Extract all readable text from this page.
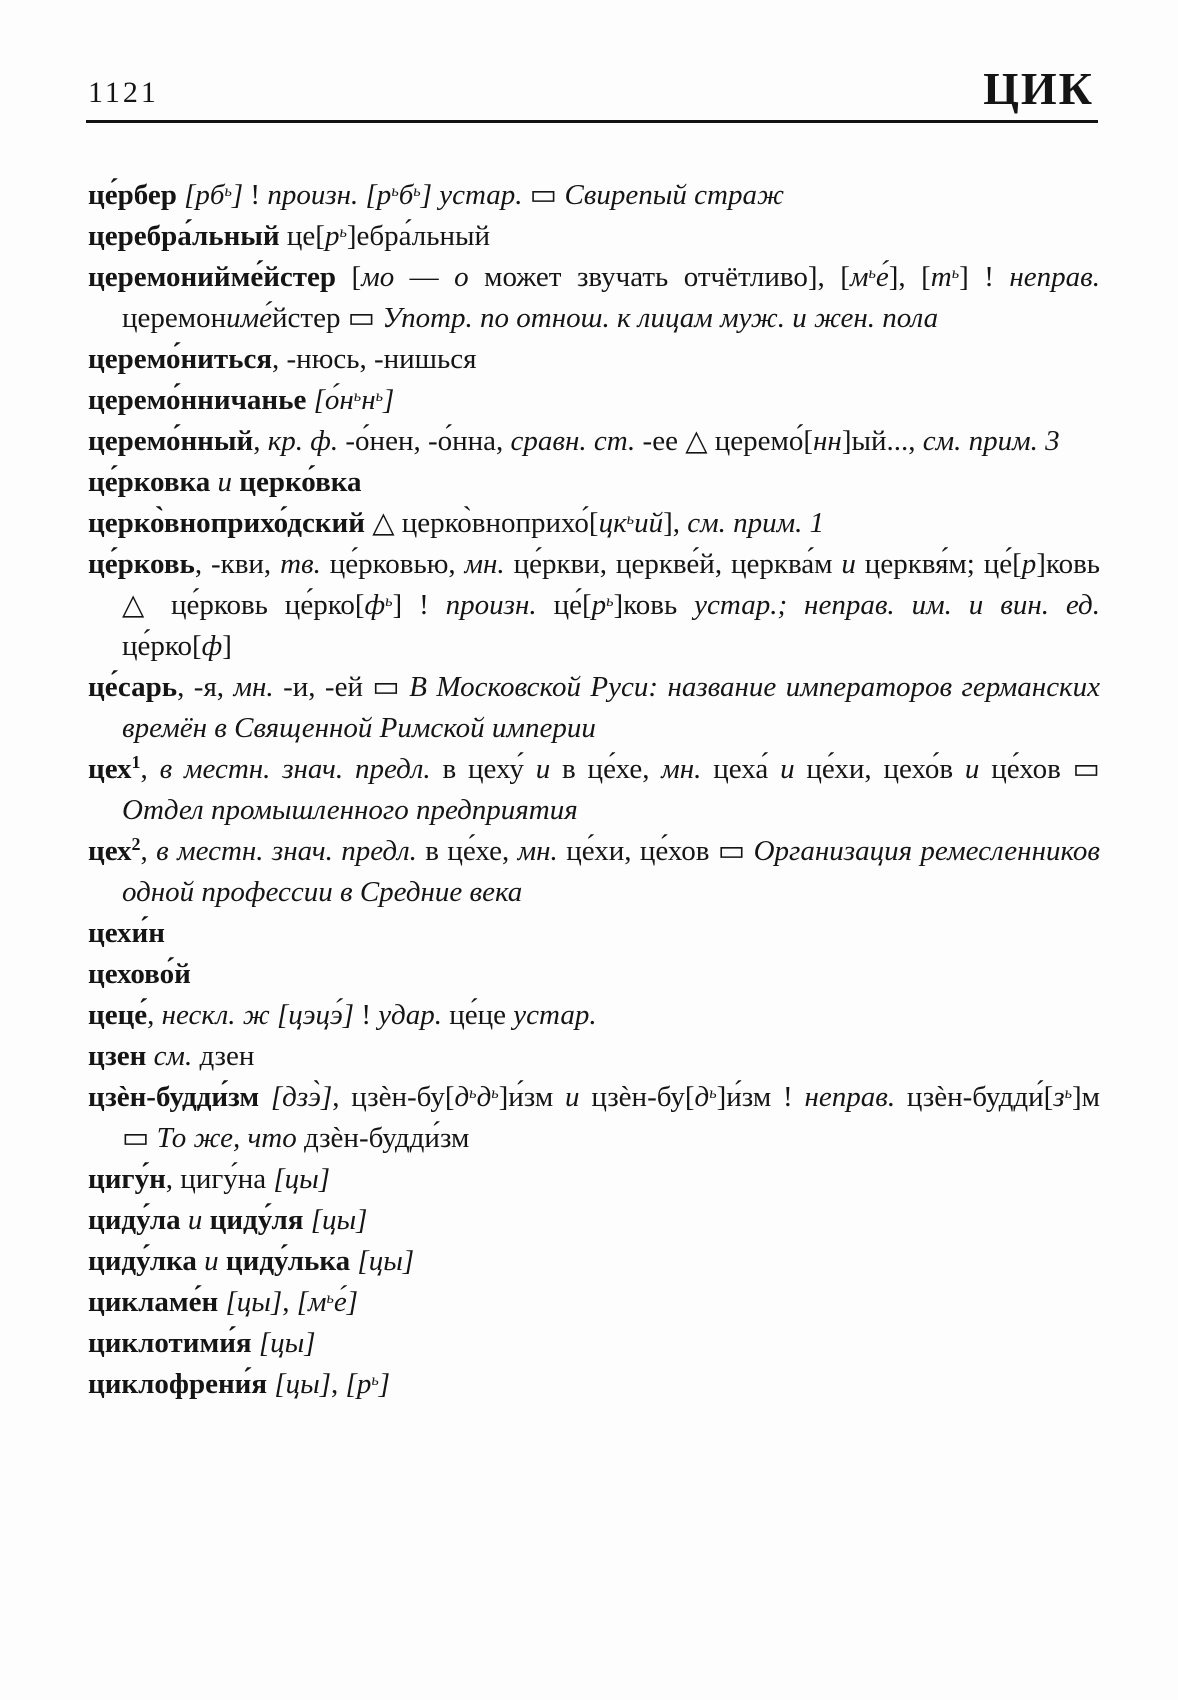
1121	ЦИК

це́рбер $[рб^ь]$ ! произн. $[р^ьб^ь]$ устар. ▭ Свирепый страж

церебра́льный $це[р^ь]ебра́льный$

церемонийме́йстер [мо — о может звучать отчётливо], $[м^ье́]$, $[т^ь]$ ! неправ. церемониме́йстер ▭ Употр. по отнош. к лицам муж. и жен. пола

церемо́ниться, -нюсь, -нишься

церемо́нничанье $[о́н^ьн^ь]$

церемо́нный, кр. ф. -о́нен, -о́нна, сравн. ст. -ее △ церемо́[нн]ый..., см. прим. 3

це́рковка и церко́вка

церко̀вноприхо́дский △ $церко̀вноприхо́[цк^ьий]$, см. прим. 1

це́рковь, -кви, тв. це́рковью, мн. це́ркви, церкве́й, церква́м и церквя́м; це́[р]ковь △ це́рковь $це́рко[ф^ь]$ ! произн. $це́[р^ь]ковь$ устар.; неправ. им. и вин. ед. це́рко[ф]

це́сарь, -я, мн. -и, -ей ▭ В Московской Руси: название императоров германских времён в Священной Римской империи

цех$^1$, в местн. знач. предл. в цеху́ и в це́хе, мн. цеха́ и це́хи, цехо́в и це́хов ▭ Отдел промышленного предприятия

цех$^2$, в местн. знач. предл. в це́хе, мн. це́хи, це́хов ▭ Организация ремесленников одной профессии в Средние века

цехи́н

цехово́й

цеце́, нескл. ж [цэцэ́] ! удар. це́це устар.

цзен см. дзен

цзѐн-будди́зм [дзэ̀], цзѐн-$бу[д^ьд^ь]и́зм$ и цзѐн-$бу[д^ь]и́зм$ ! неправ. цзѐн-$будди́[з^ь]м$ ▭ То же, что дзѐн-будди́зм

цигу́н, цигу́на [цы]

циду́ла и циду́ля [цы]

циду́лка и циду́лька [цы]

цикламе́н [цы], $[м^ье́]$

циклотими́я [цы]

циклофрени́я [цы], $[р^ь]$
